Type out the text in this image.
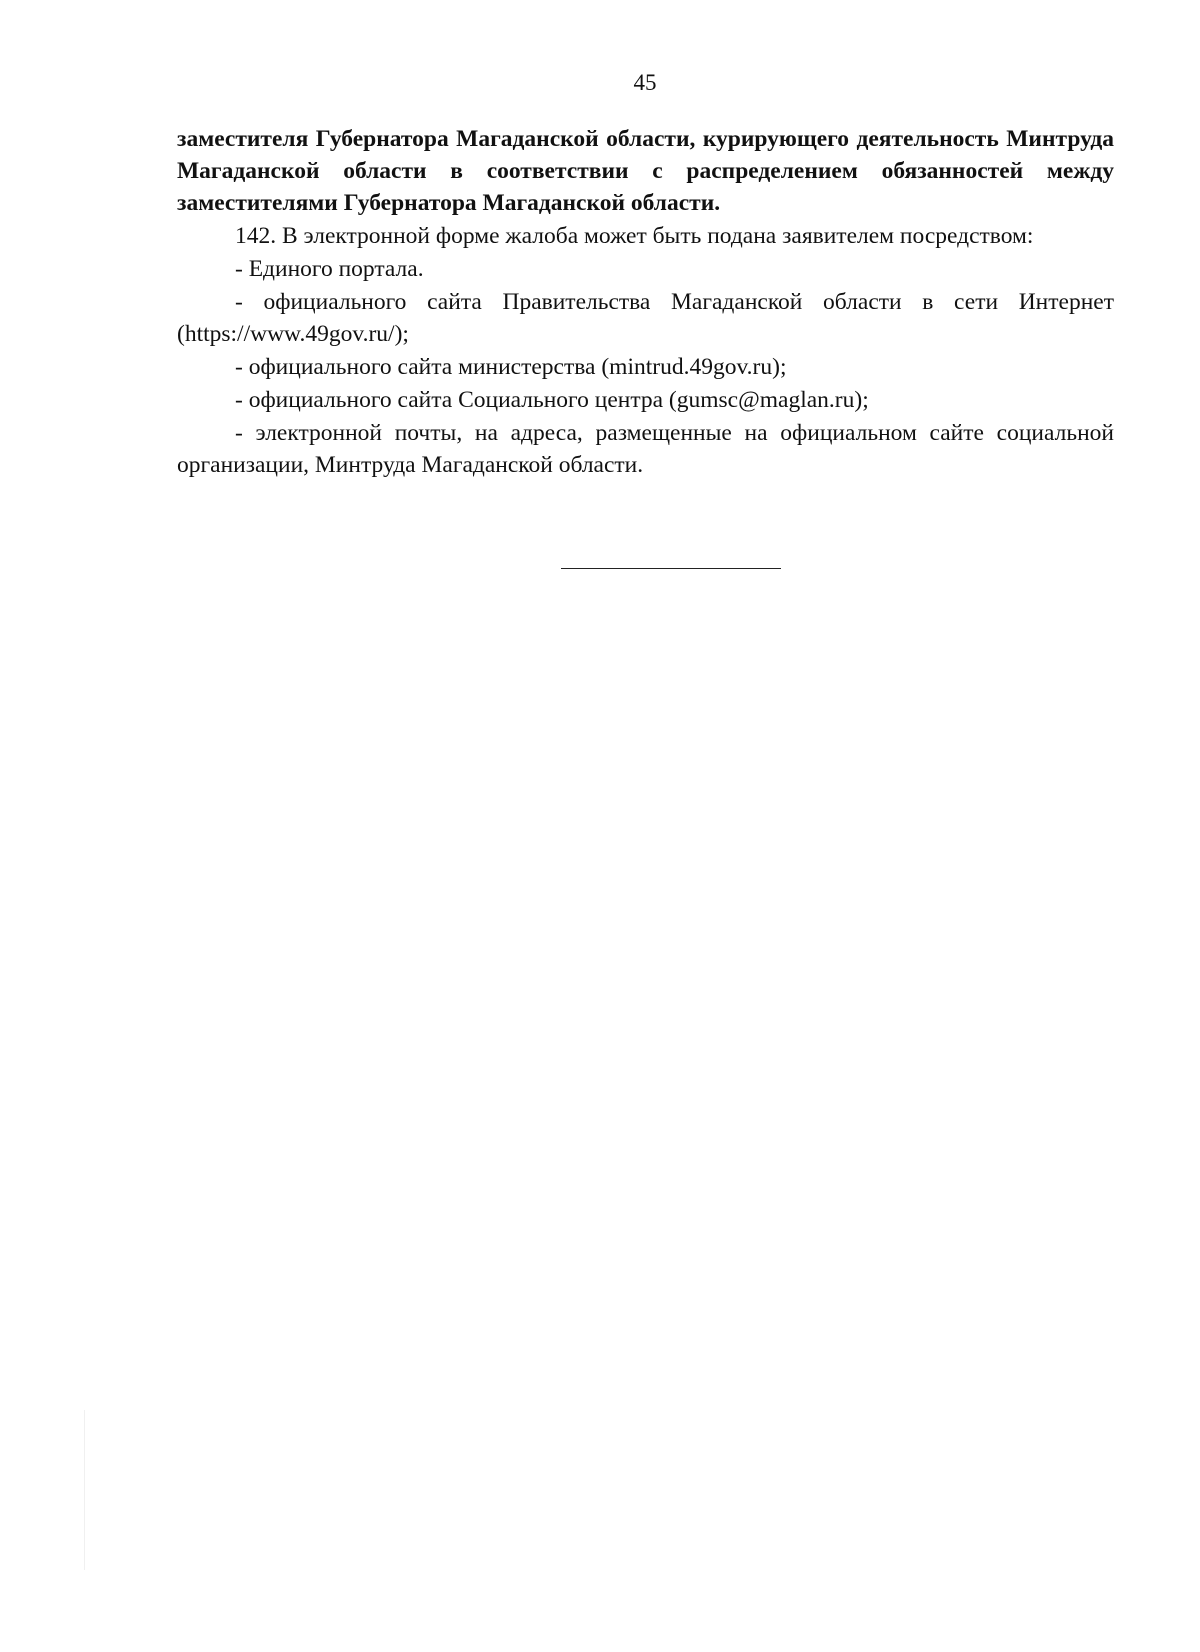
45

заместителя Губернатора Магаданской области, курирующего деятельность Минтруда Магаданской области в соответствии с распределением обязанностей между заместителями Губернатора Магаданской области.

142. В электронной форме жалоба может быть подана заявителем посредством:

- Единого портала.

- официального сайта Правительства Магаданской области в сети Интернет (https://www.49gov.ru/);

- официального сайта министерства (mintrud.49gov.ru);

- официального сайта Социального центра (gumsc@maglan.ru);

- электронной почты, на адреса, размещенные на официальном сайте социальной организации, Минтруда Магаданской области.
